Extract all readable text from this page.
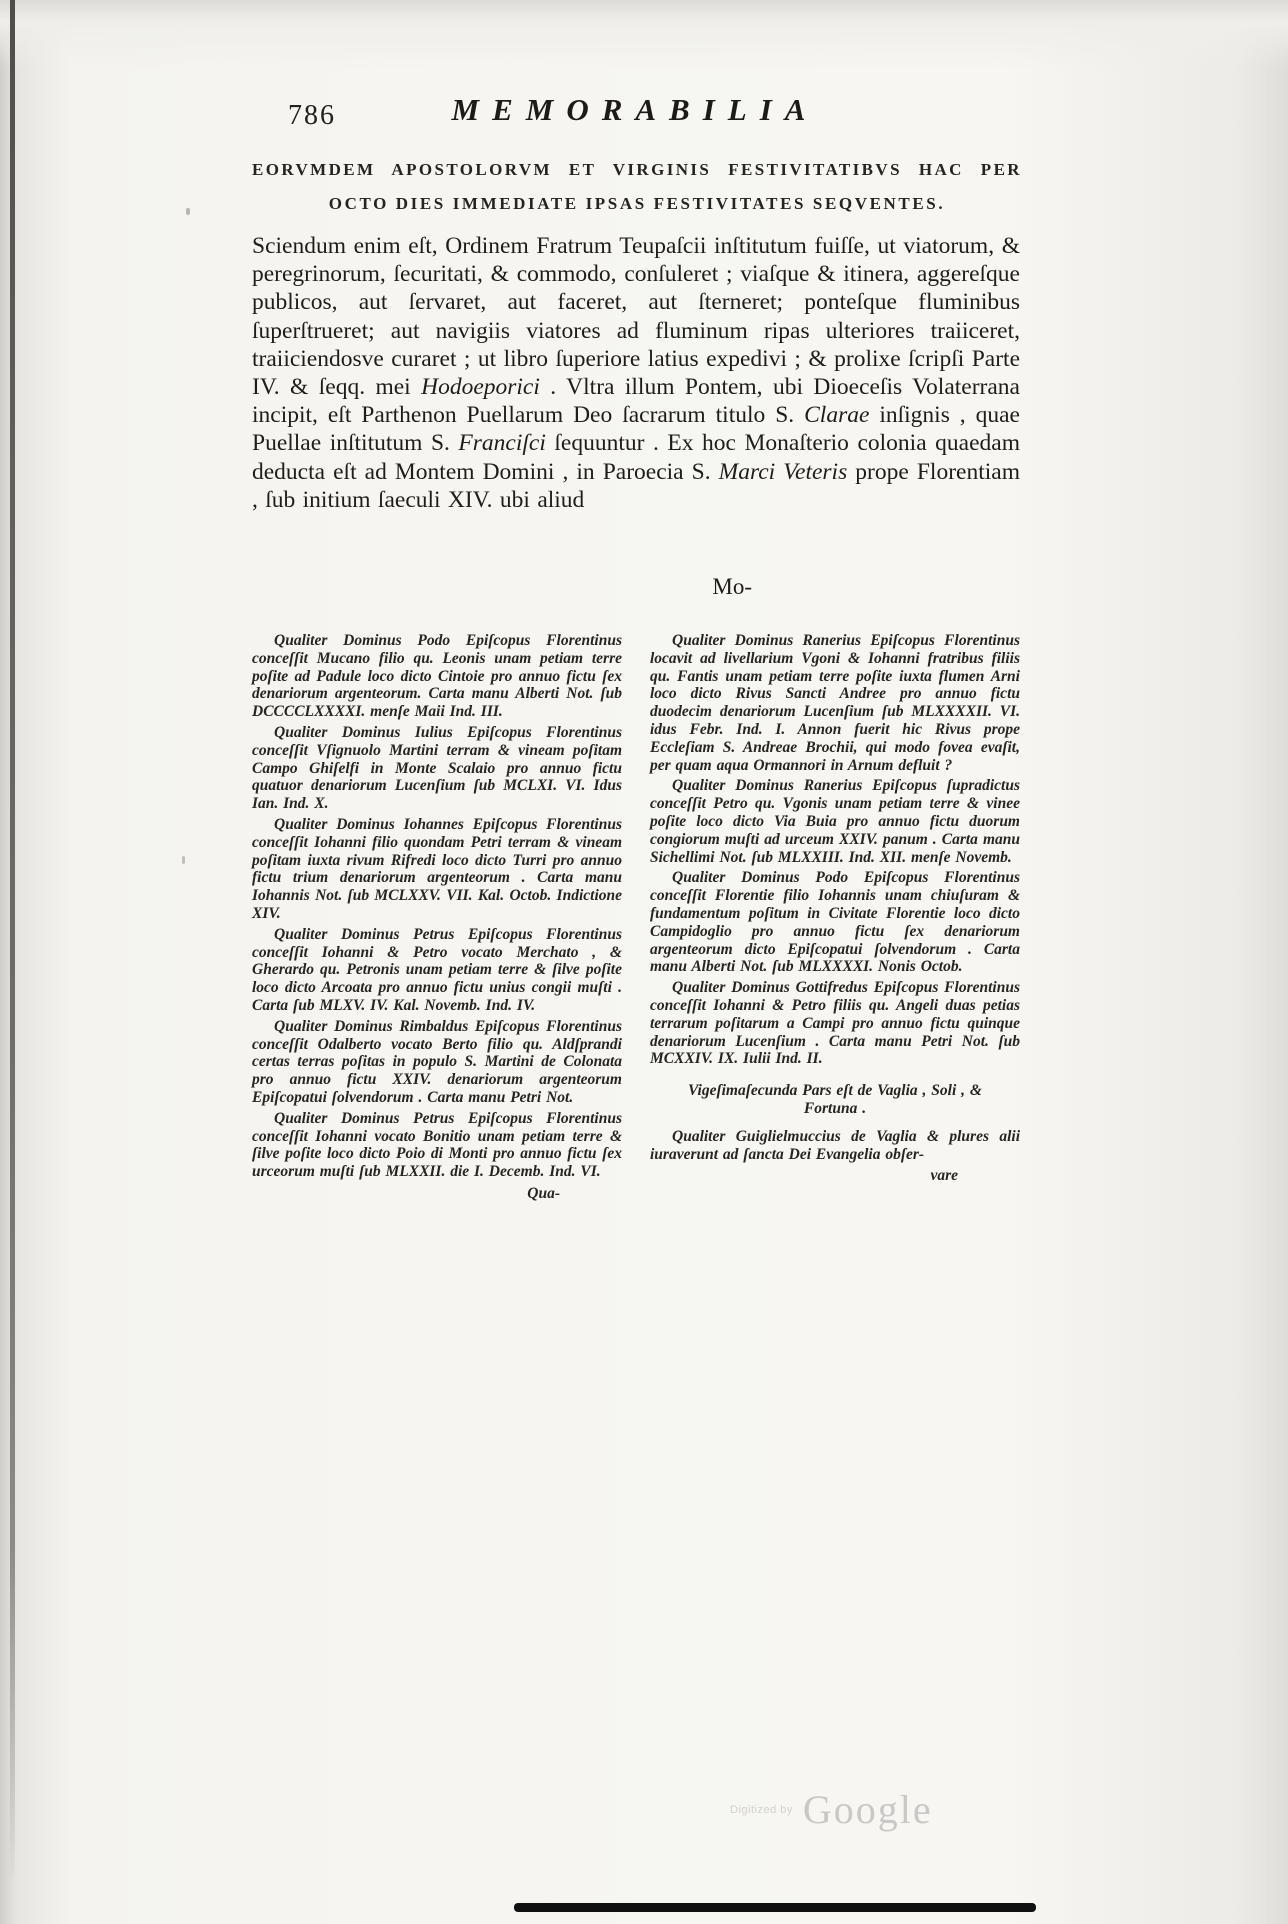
786	MEMORABILIA
EORVMDEM APOSTOLORVM ET VIRGINIS FESTIVITATIBVS HAC PER
OCTO DIES IMMEDIATE IPSAS FESTIVITATES SEQVENTES.

Sciendum enim eſt, Ordinem Fratrum Teupaſcii inſtitutum fuiſſe, ut viatorum, & peregrinorum, ſecuritati, & commodo, conſuleret ; viaſque & itinera, aggereſque publicos, aut ſervaret, aut faceret, aut ſterneret; ponteſque fluminibus ſuperſtrueret; aut navigiis viatores ad fluminum ripas ulteriores traiiceret, traiiciendosve curaret ; ut libro ſuperiore latius expedivi ; & prolixe ſcripſi Parte IV. & ſeqq. mei Hodoeporici . Vltra illum Pontem, ubi Dioeceſis Volaterrana incipit, eſt Parthenon Puellarum Deo ſacrarum titulo S. Clarae inſignis , quae Puellae inſtitutum S. Franciſci ſequuntur . Ex hoc Monaſterio colonia quaedam deducta eſt ad Montem Domini , in Paroecia S. Marci Veteris prope Florentiam , ſub initium ſaeculi XIV. ubi aliud

Mo-

Qualiter Dominus Podo Epiſcopus Florentinus conceſſit Mucano filio qu. Leonis unam petiam terre poſite ad Padule loco dicto Cintoie pro annuo fictu ſex denariorum argenteorum. Carta manu Alberti Not. ſub DCCCCLXXXXI. menſe Maii Ind. III.

Qualiter Dominus Iulius Epiſcopus Florentinus conceſſit Vſignuolo Martini terram & vineam poſitam Campo Ghiſelfi in Monte Scalaio pro annuo fictu quatuor denariorum Lucenſium ſub MCLXI. VI. Idus Ian. Ind. X.

Qualiter Dominus Iohannes Epiſcopus Florentinus conceſſit Iohanni filio quondam Petri terram & vineam poſitam iuxta rivum Rifredi loco dicto Turri pro annuo fictu trium denariorum argenteorum . Carta manu Iohannis Not. ſub MCLXXV. VII. Kal. Octob. Indictione XIV.

Qualiter Dominus Petrus Epiſcopus Florentinus conceſſit Iohanni & Petro vocato Merchato , & Gherardo qu. Petronis unam petiam terre & ſilve poſite loco dicto Arcoata pro annuo fictu unius congii muſti . Carta ſub MLXV. IV. Kal. Novemb. Ind. IV.

Qualiter Dominus Rimbaldus Epiſcopus Florentinus conceſſit Odalberto vocato Berto filio qu. Aldſprandi certas terras poſitas in populo S. Martini de Colonata pro annuo fictu XXIV. denariorum argenteorum Epiſcopatui ſolvendorum . Carta manu Petri Not.

Qualiter Dominus Petrus Epiſcopus Florentinus conceſſit Iohanni vocato Bonitio unam petiam terre & ſilve poſite loco dicto Poio di Monti pro annuo fictu ſex urceorum muſti ſub MLXXII. die I. Decemb. Ind. VI.

Qua-

Qualiter Dominus Ranerius Epiſcopus Florentinus locavit ad livellarium Vgoni & Iohanni fratribus filiis qu. Fantis unam petiam terre poſite iuxta flumen Arni loco dicto Rivus Sancti Andree pro annuo fictu duodecim denariorum Lucenſium ſub MLXXXXII. VI. idus Febr. Ind. I. Annon fuerit hic Rivus prope Eccleſiam S. Andreae Brochii, qui modo fovea evaſit, per quam aqua Ormannori in Arnum defluit ?

Qualiter Dominus Ranerius Epiſcopus ſupradictus conceſſit Petro qu. Vgonis unam petiam terre & vinee poſite loco dicto Via Buia pro annuo fictu duorum congiorum muſti ad urceum XXIV. panum . Carta manu Sichellimi Not. ſub MLXXIII. Ind. XII. menſe Novemb.

Qualiter Dominus Podo Epiſcopus Florentinus conceſſit Florentie filio Iohannis unam chiuſuram & fundamentum poſitum in Civitate Florentie loco dicto Campidoglio pro annuo fictu ſex denariorum argenteorum dicto Epiſcopatui ſolvendorum . Carta manu Alberti Not. ſub MLXXXXI. Nonis Octob.

Qualiter Dominus Gottifredus Epiſcopus Florentinus conceſſit Iohanni & Petro filiis qu. Angeli duas petias terrarum poſitarum a Campi pro annuo fictu quinque denariorum Lucenſium . Carta manu Petri Not. ſub MCXXIV. IX. Iulii Ind. II.

Vigeſimaſecunda Pars eſt de Vaglia , Soli , & Fortuna .

Qualiter Guiglielmuccius de Vaglia & plures alii iuraverunt ad ſancta Dei Evangelia obſer-

vare

Digitized by Google
